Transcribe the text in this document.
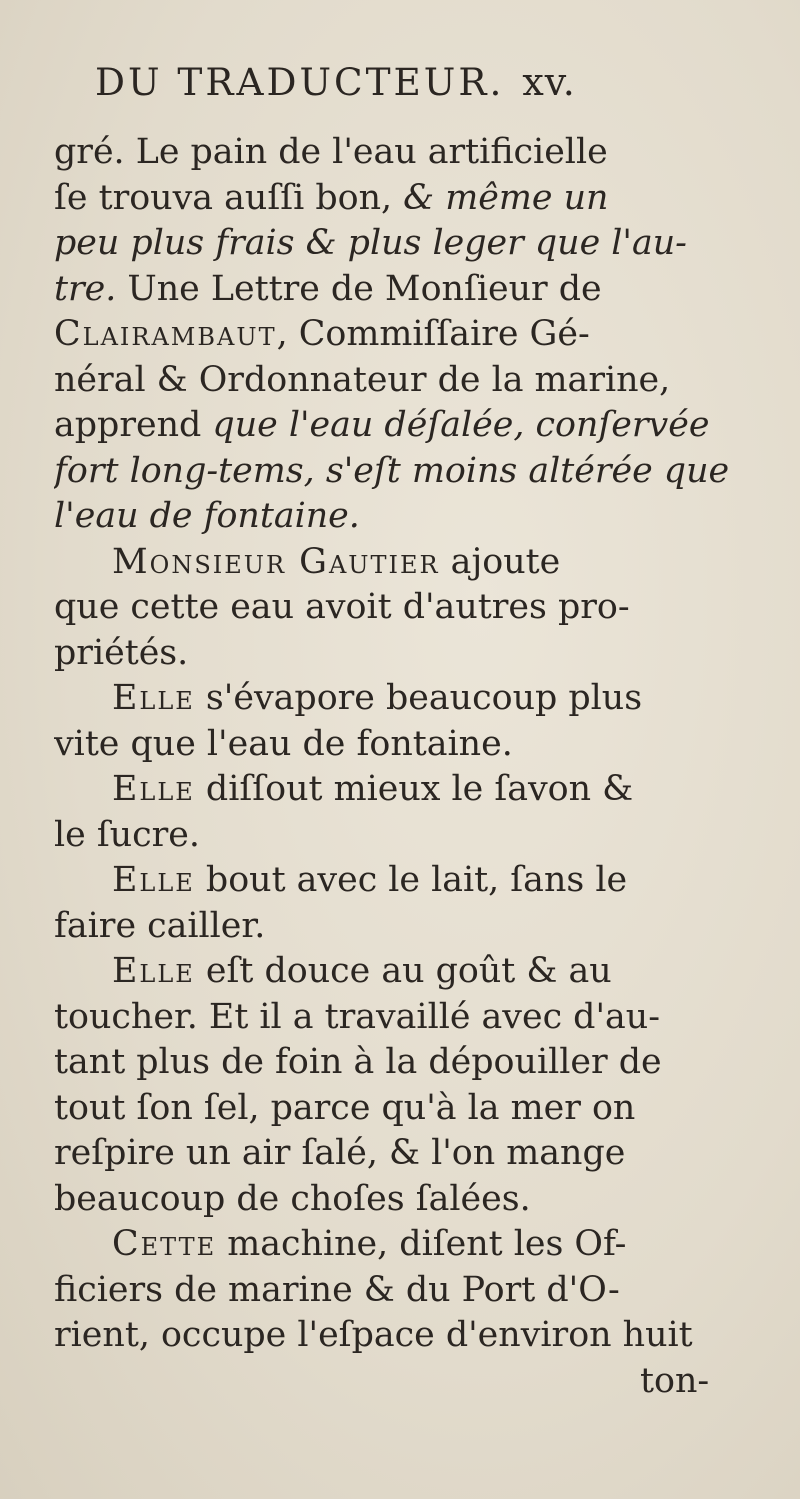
DU TRADUCTEUR. xv.
gré. Le pain de l'eau artificielle
ſe trouva auſſi bon, & même un
peu plus frais & plus leger que l'au-
tre. Une Lettre de Monſieur de
Clairambaut, Commiſſaire Gé-
néral & Ordonnateur de la marine,
apprend que l'eau déſalée, conſervée
fort long-tems, s'eſt moins altérée que
l'eau de fontaine.
Monsieur Gautier ajoute
que cette eau avoit d'autres pro-
priétés.
Elle s'évapore beaucoup plus
vite que l'eau de fontaine.
Elle diſſout mieux le ſavon &
le ſucre.
Elle bout avec le lait, ſans le
faire cailler.
Elle eſt douce au goût & au
toucher. Et il a travaillé avec d'au-
tant plus de foin à la dépouiller de
tout ſon ſel, parce qu'à la mer on
reſpire un air ſalé, & l'on mange
beaucoup de choſes ſalées.
Cette machine, diſent les Of-
ficiers de marine & du Port d'O-
rient, occupe l'eſpace d'environ huit
ton-
